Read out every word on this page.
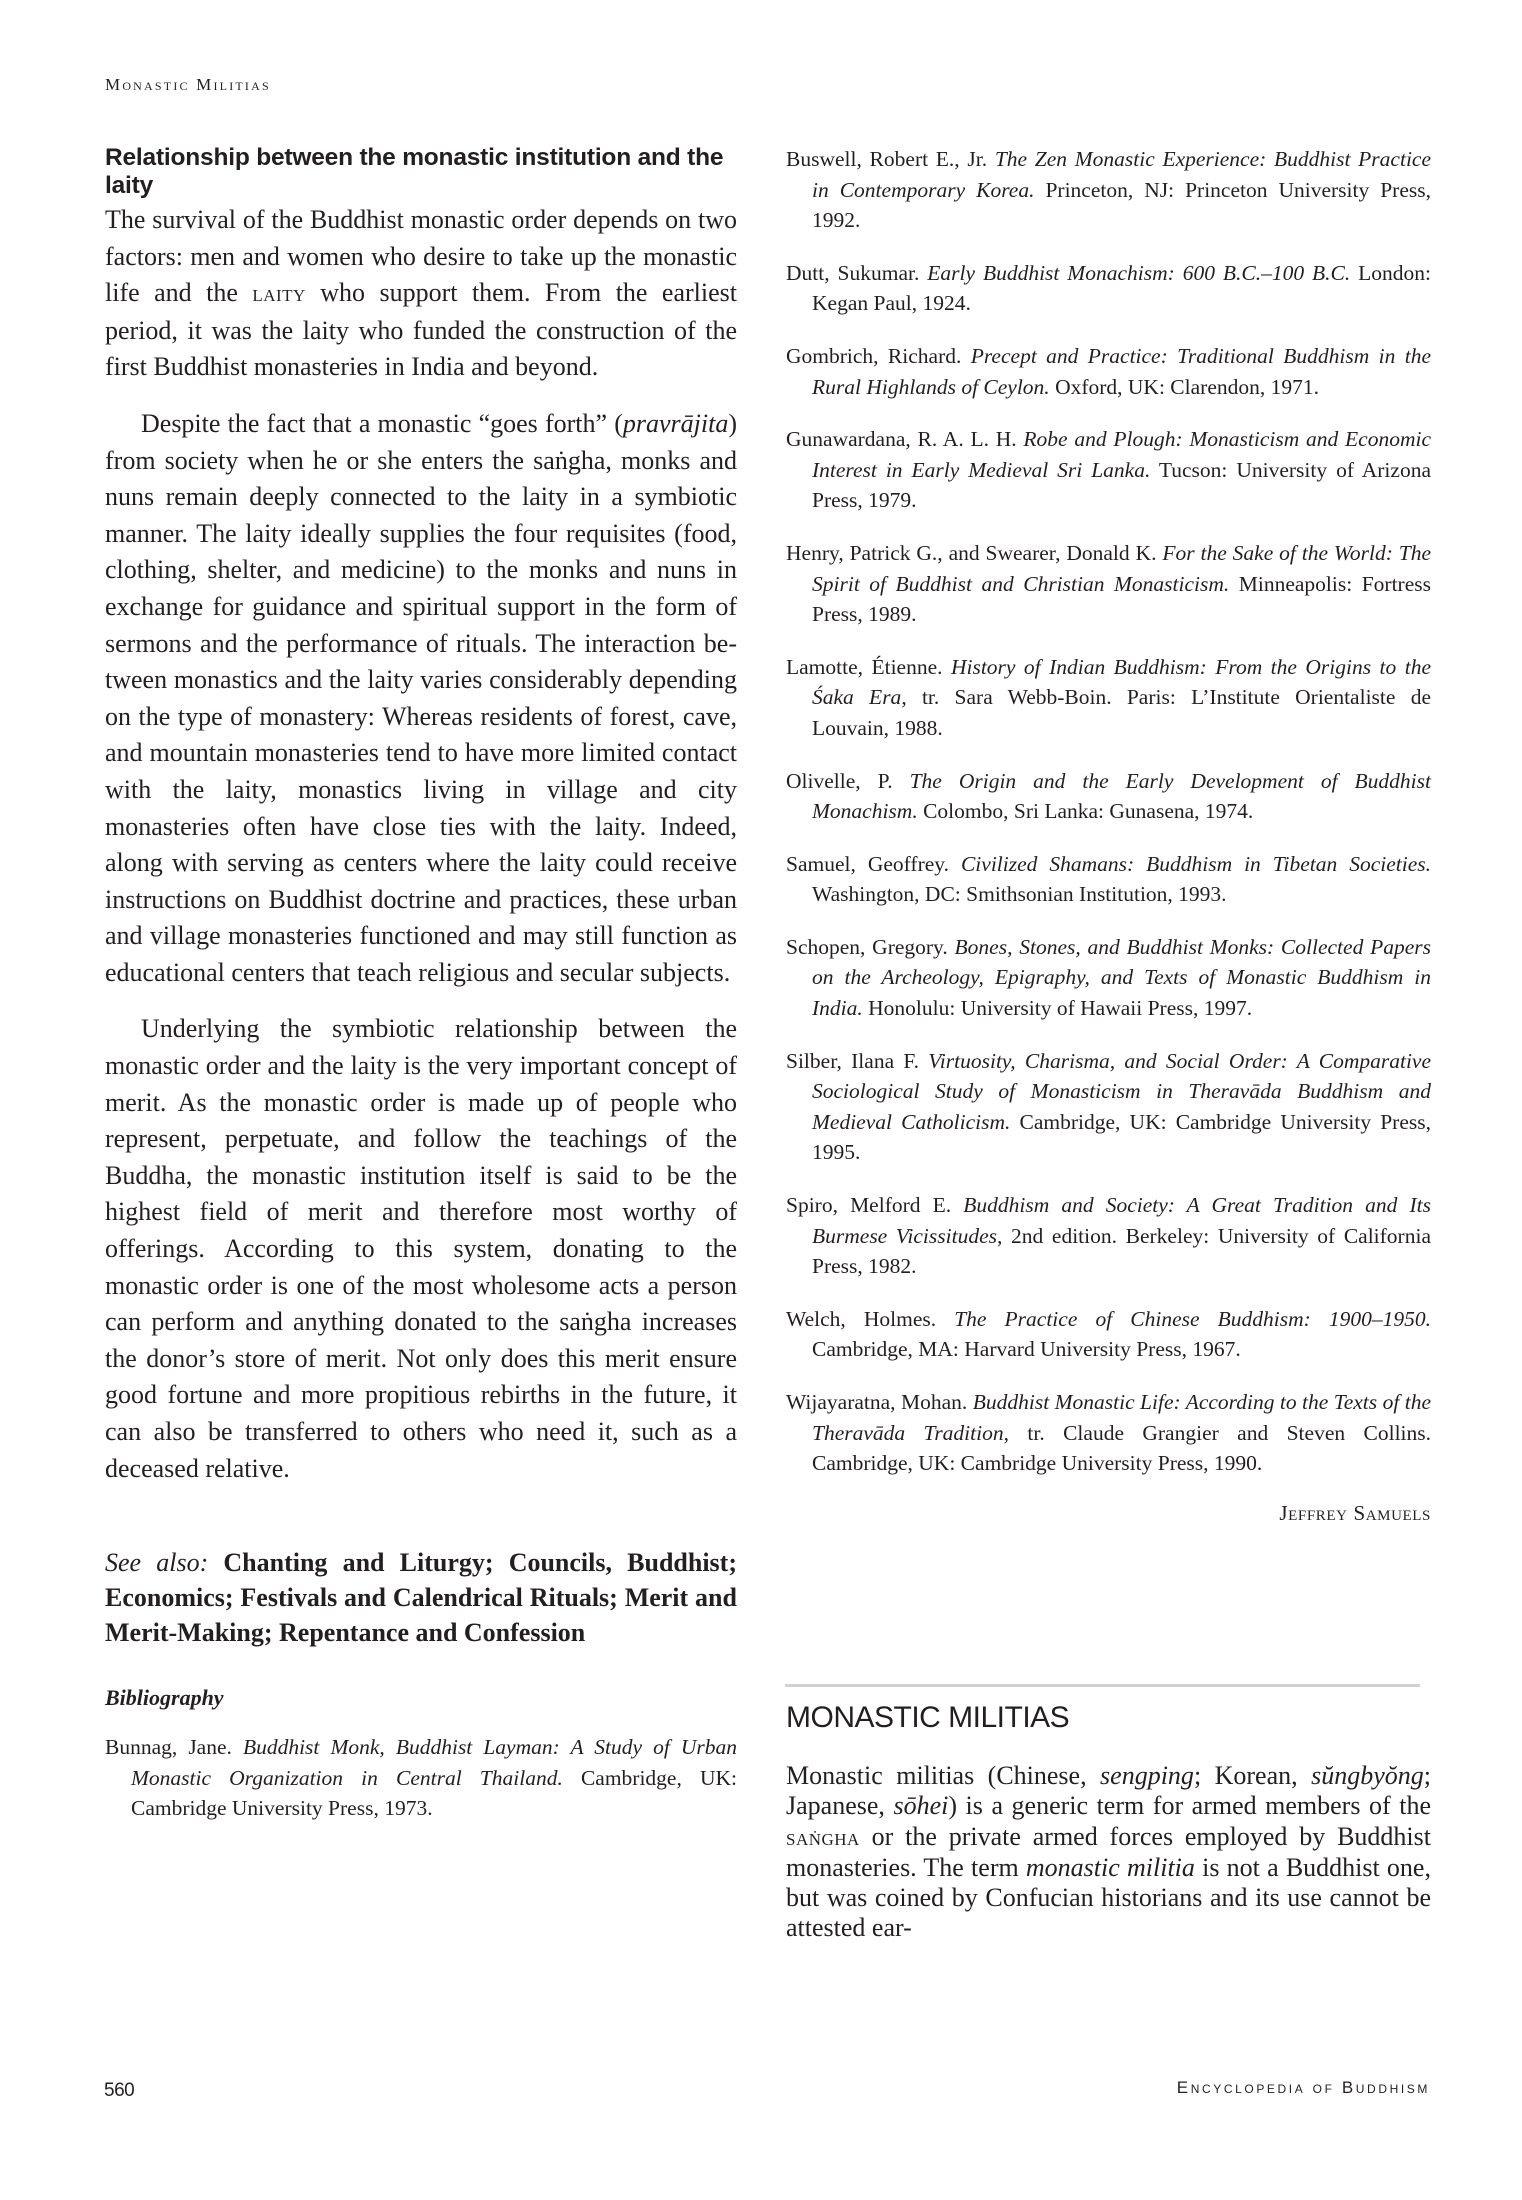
Monastic Militias
Relationship between the monastic institution and the laity

The survival of the Buddhist monastic order depends on two factors: men and women who desire to take up the monastic life and the laity who support them. From the earliest period, it was the laity who funded the construction of the first Buddhist monasteries in India and beyond.

Despite the fact that a monastic “goes forth” (pravrājita) from society when he or she enters the saṅgha, monks and nuns remain deeply connected to the laity in a symbiotic manner. The laity ideally supplies the four requisites (food, clothing, shelter, and medicine) to the monks and nuns in exchange for guidance and spiritual support in the form of sermons and the performance of rituals. The interaction between monastics and the laity varies considerably depending on the type of monastery: Whereas residents of forest, cave, and mountain monasteries tend to have more limited contact with the laity, monastics living in village and city monasteries often have close ties with the laity. Indeed, along with serving as centers where the laity could receive instructions on Buddhist doctrine and practices, these urban and village monasteries functioned and may still function as educational centers that teach religious and secular subjects.

Underlying the symbiotic relationship between the monastic order and the laity is the very important concept of merit. As the monastic order is made up of people who represent, perpetuate, and follow the teachings of the Buddha, the monastic institution itself is said to be the highest field of merit and therefore most worthy of offerings. According to this system, donating to the monastic order is one of the most wholesome acts a person can perform and anything donated to the saṅgha increases the donor’s store of merit. Not only does this merit ensure good fortune and more propitious rebirths in the future, it can also be transferred to others who need it, such as a deceased relative.

See also: Chanting and Liturgy; Councils, Buddhist; Economics; Festivals and Calendrical Rituals; Merit and Merit-Making; Repentance and Confession

Bibliography

Bunnag, Jane. Buddhist Monk, Buddhist Layman: A Study of Urban Monastic Organization in Central Thailand. Cambridge, UK: Cambridge University Press, 1973.

Buswell, Robert E., Jr. The Zen Monastic Experience: Buddhist Practice in Contemporary Korea. Princeton, NJ: Princeton University Press, 1992.

Dutt, Sukumar. Early Buddhist Monachism: 600 B.C.–100 B.C. London: Kegan Paul, 1924.

Gombrich, Richard. Precept and Practice: Traditional Buddhism in the Rural Highlands of Ceylon. Oxford, UK: Clarendon, 1971.

Gunawardana, R. A. L. H. Robe and Plough: Monasticism and Economic Interest in Early Medieval Sri Lanka. Tucson: University of Arizona Press, 1979.

Henry, Patrick G., and Swearer, Donald K. For the Sake of the World: The Spirit of Buddhist and Christian Monasticism. Minneapolis: Fortress Press, 1989.

Lamotte, Étienne. History of Indian Buddhism: From the Origins to the Śaka Era, tr. Sara Webb-Boin. Paris: L’Institute Orientaliste de Louvain, 1988.

Olivelle, P. The Origin and the Early Development of Buddhist Monachism. Colombo, Sri Lanka: Gunasena, 1974.

Samuel, Geoffrey. Civilized Shamans: Buddhism in Tibetan Societies. Washington, DC: Smithsonian Institution, 1993.

Schopen, Gregory. Bones, Stones, and Buddhist Monks: Collected Papers on the Archeology, Epigraphy, and Texts of Monastic Buddhism in India. Honolulu: University of Hawaii Press, 1997.

Silber, Ilana F. Virtuosity, Charisma, and Social Order: A Comparative Sociological Study of Monasticism in Theravāda Buddhism and Medieval Catholicism. Cambridge, UK: Cambridge University Press, 1995.

Spiro, Melford E. Buddhism and Society: A Great Tradition and Its Burmese Vicissitudes, 2nd edition. Berkeley: University of California Press, 1982.

Welch, Holmes. The Practice of Chinese Buddhism: 1900–1950. Cambridge, MA: Harvard University Press, 1967.

Wijayaratna, Mohan. Buddhist Monastic Life: According to the Texts of the Theravāda Tradition, tr. Claude Grangier and Steven Collins. Cambridge, UK: Cambridge University Press, 1990.

Jeffrey Samuels
MONASTIC MILITIAS

Monastic militias (Chinese, sengping; Korean, sŭngbyŏng; Japanese, sōhei) is a generic term for armed members of the saṅgha or the private armed forces employed by Buddhist monasteries. The term monastic militia is not a Buddhist one, but was coined by Confucian historians and its use cannot be attested ear-

560	Encyclopedia of Buddhism
